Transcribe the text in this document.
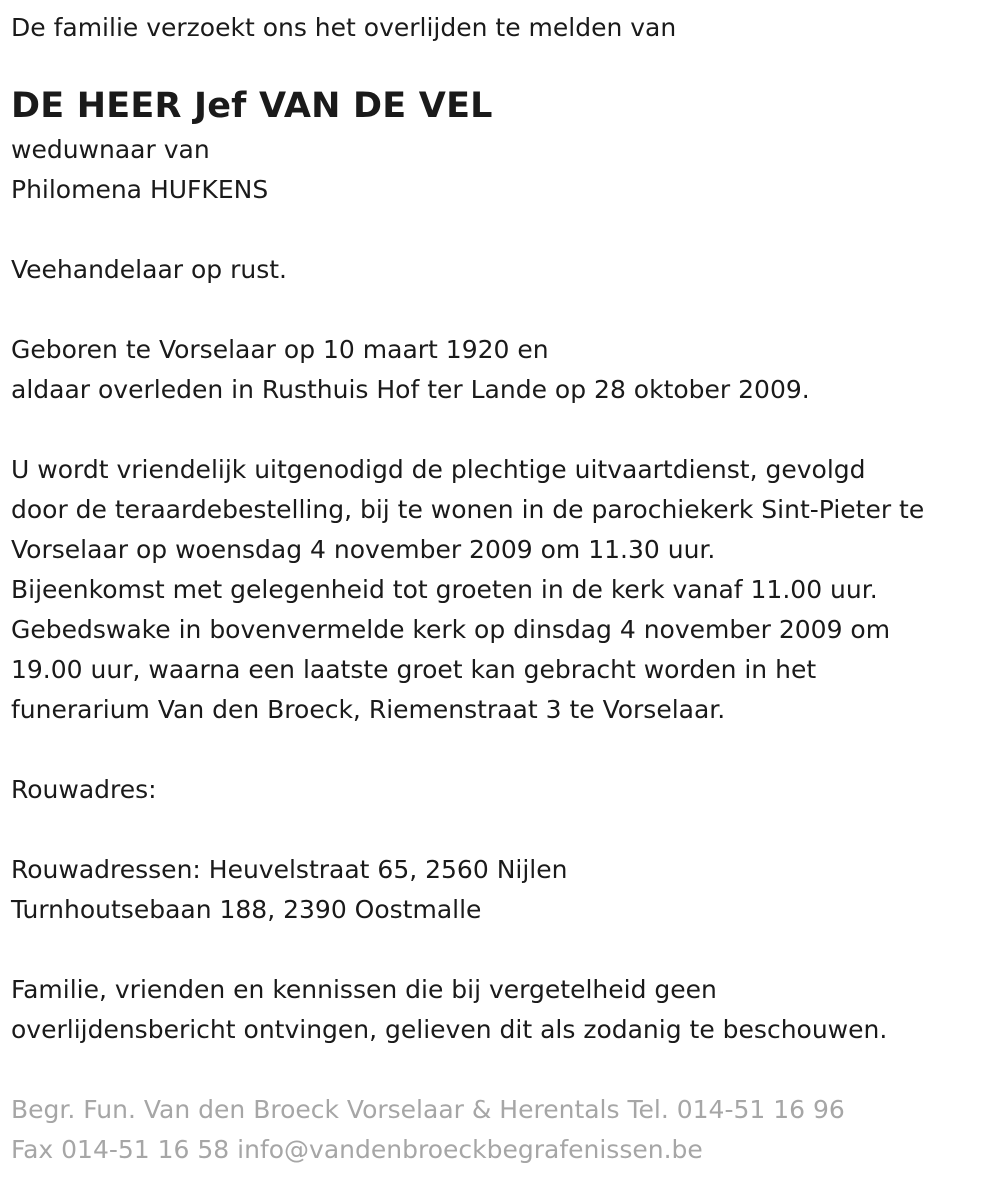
De familie verzoekt ons het overlijden te melden van

DE HEER Jef VAN DE VEL

weduwnaar van

Philomena HUFKENS

Veehandelaar op rust.

Geboren te Vorselaar op 10 maart 1920 en

aldaar overleden in Rusthuis Hof ter Lande op 28 oktober 2009.

U wordt vriendelijk uitgenodigd de plechtige uitvaartdienst, gevolgd

door de teraardebestelling, bij te wonen in de parochiekerk Sint-Pieter te

Vorselaar op woensdag 4 november 2009 om 11.30 uur.

Bijeenkomst met gelegenheid tot groeten in de kerk vanaf 11.00 uur.

Gebedswake in bovenvermelde kerk op dinsdag 4 november 2009 om

19.00 uur, waarna een laatste groet kan gebracht worden in het

funerarium Van den Broeck, Riemenstraat 3 te Vorselaar.

Rouwadres:

Rouwadressen: Heuvelstraat 65, 2560 Nijlen

Turnhoutsebaan 188, 2390 Oostmalle

Familie, vrienden en kennissen die bij vergetelheid geen

overlijdensbericht ontvingen, gelieven dit als zodanig te beschouwen.

Begr. Fun. Van den Broeck Vorselaar & Herentals Tel. 014-51 16 96

Fax 014-51 16 58 info@vandenbroeckbegrafenissen.be
